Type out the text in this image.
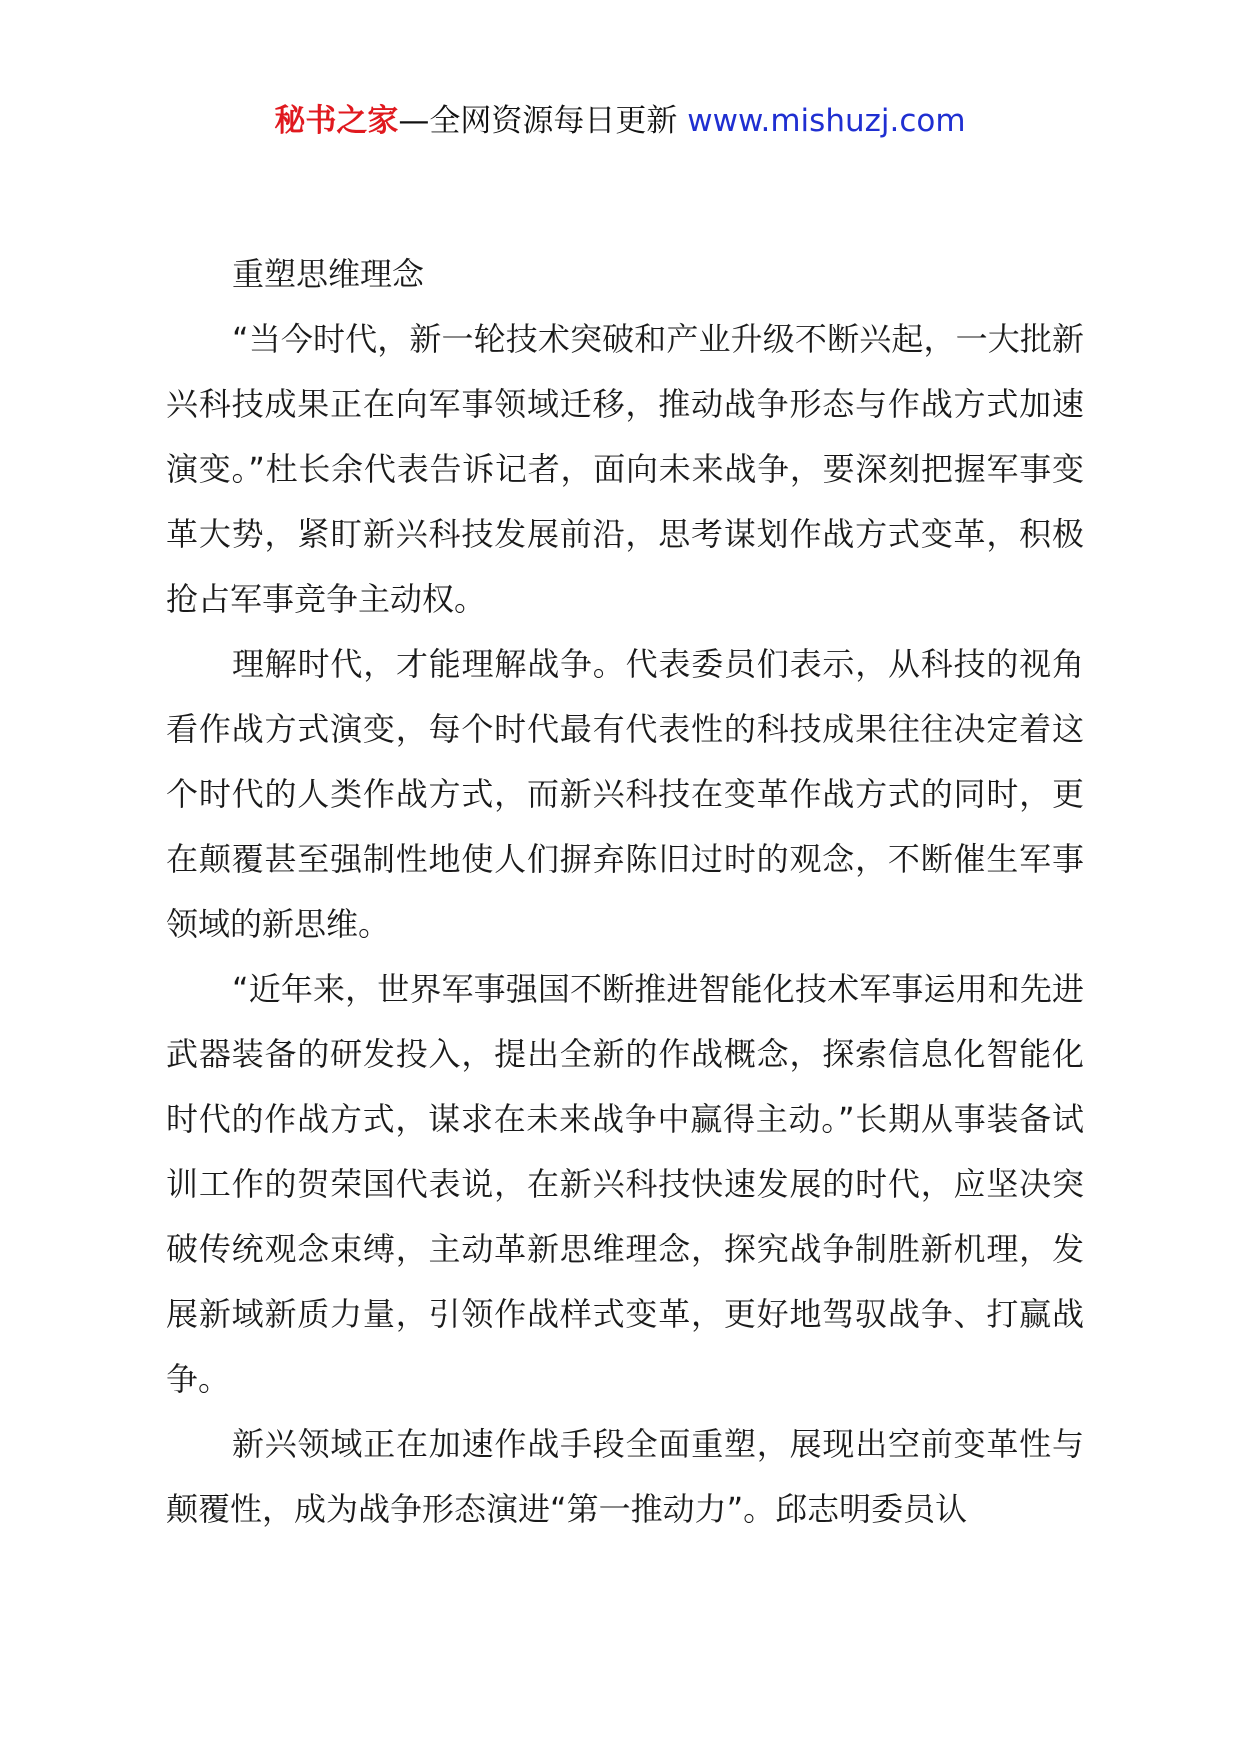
秘书之家—全网资源每日更新 www.mishuzj.com
重塑思维理念

“当今时代，新一轮技术突破和产业升级不断兴起，一大批新兴科技成果正在向军事领域迁移，推动战争形态与作战方式加速演变。”杜长余代表告诉记者，面向未来战争，要深刻把握军事变革大势，紧盯新兴科技发展前沿，思考谋划作战方式变革，积极抢占军事竞争主动权。

理解时代，才能理解战争。代表委员们表示，从科技的视角看作战方式演变，每个时代最有代表性的科技成果往往决定着这个时代的人类作战方式，而新兴科技在变革作战方式的同时，更在颠覆甚至强制性地使人们摒弃陈旧过时的观念，不断催生军事领域的新思维。

“近年来，世界军事强国不断推进智能化技术军事运用和先进武器装备的研发投入，提出全新的作战概念，探索信息化智能化时代的作战方式，谋求在未来战争中赢得主动。”长期从事装备试训工作的贺荣国代表说，在新兴科技快速发展的时代，应坚决突破传统观念束缚，主动革新思维理念，探究战争制胜新机理，发展新域新质力量，引领作战样式变革，更好地驾驭战争、打赢战争。

新兴领域正在加速作战手段全面重塑，展现出空前变革性与颠覆性，成为战争形态演进“第一推动力”。邱志明委员认
